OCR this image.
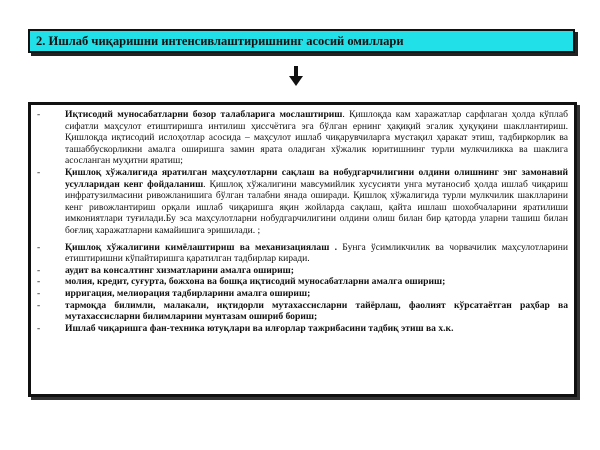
2. Ишлаб чиқаришни интенсивлаштиришнинг асосий омиллари
-	Иқтисодий муносабатларни бозор талабларига мослаштириш. Қишлоқда кам харажатлар сарфлаган ҳолда кўплаб сифатли маҳсулот етиштиришга интилиш ҳиссчётига эга бўлган ернинг ҳақиқий эгалик ҳуқуқини шакллантириш. Қишлоқда иқтисодий ислоҳотлар асосида – маҳсулот ишлаб чиқарувчиларга мустақил ҳаракат этиш, тадбиркорлик ва ташаббускорликни амалга оширишга замин ярата оладиган хўжалик юритишнинг турли мулкчиликка ва шаклига асосланган муҳитни яратиш;
-	Қишлоқ хўжалигида яратилган маҳсулотларни сақлаш ва нобудгарчилигини олдини олишнинг энг замонавий усулларидан кенг фойдаланиш. Қишлоқ хўжалигини мавсумийлик хусусияти унга мутаносиб ҳолда ишлаб чиқариш инфратузилмасини ривожланишига бўлган талабни янада оширади. Қишлоқ хўжалигида турли мулкчилик шаклларини кенг ривожлантириш орқали ишлаб чиқаришга яқин жойларда сақлаш, қайта ишлаш шохобчаларини яратилиши имкониятлари туғилади.Бу эса маҳсулотларни нобудгарчилигини олдини олиш билан бир қаторда уларни ташиш билан боғлиқ харажатларни камайишига эришилади. ;
-	Қишлоқ хўжалигини кимёлаштириш ва механизациялаш . Бунга ўсимликчилик ва чорвачилик маҳсулотларини етиштиришни кўпайтиришга қаратилган тадбирлар киради.
-	аудит ва консалтинг хизматларини амалга ошириш;
-	молия, кредит, суғурта, божхона ва бошқа иқтисодий муносабатларни амалга ошириш;
-	ирригация, мелиорация тадбирларини амалга ошириш;
-	тармоқда билимли, малакали, иқтидорли мутахассисларни тайёрлаш, фаолият кўрсатаётган раҳбар ва мутахассисларни билимларини мунтазам ошириб бориш;
-	Ишлаб чиқаришга фан-техника ютуқлари ва илғорлар тажрибасини тадбиқ этиш ва х.к.
